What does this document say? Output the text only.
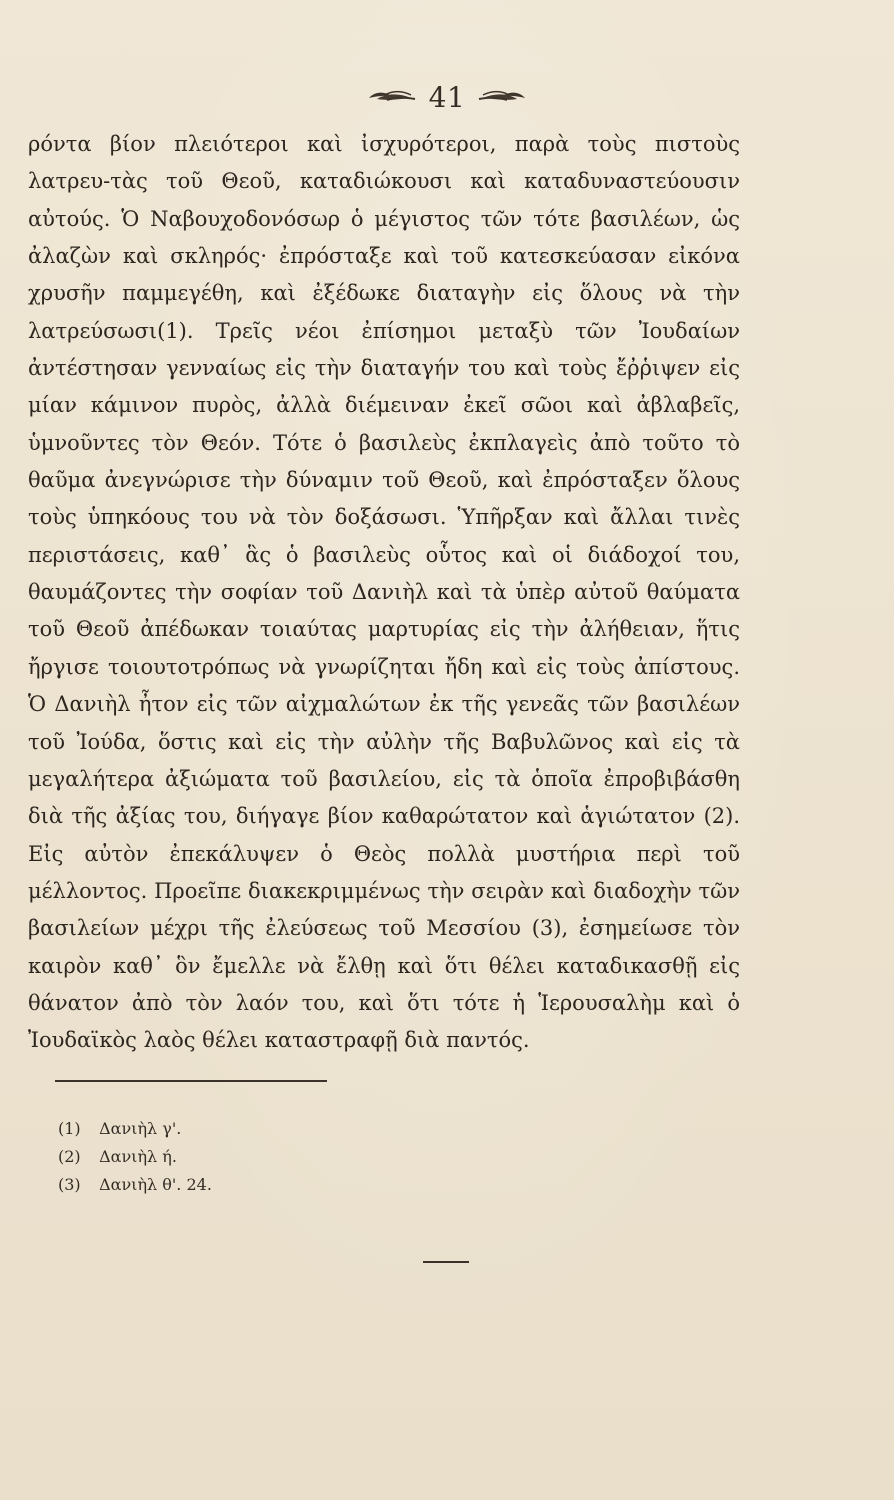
41

ρόντα βίον πλειότεροι καὶ ἰσχυρότεροι, παρὰ τοὺς πιστοὺς λατρευ-τὰς τοῦ Θεοῦ, καταδιώκουσι καὶ καταδυναστεύουσιν αὐτούς. Ὁ Ναβουχοδονόσωρ ὁ μέγιστος τῶν τότε βασιλέων, ὡς ἀλαζὼν καὶ σκληρός· ἐπρόσταξε καὶ τοῦ κατεσκεύασαν εἰκόνα χρυσῆν παμμεγέθη, καὶ ἐξέδωκε διαταγὴν εἰς ὅλους νὰ τὴν λατρεύσωσι(1). Τρεῖς νέοι ἐπίσημοι μεταξὺ τῶν Ἰουδαίων ἀντέστησαν γενναίως εἰς τὴν διαταγήν του καὶ τοὺς ἔῤῥιψεν εἰς μίαν κάμινον πυρὸς, ἀλλὰ διέμειναν ἐκεῖ σῶοι καὶ ἀβλαβεῖς, ὑμνοῦντες τὸν Θεόν. Τότε ὁ βασιλεὺς ἐκπλαγεὶς ἀπὸ τοῦτο τὸ θαῦμα ἀνεγνώρισε τὴν δύναμιν τοῦ Θεοῦ, καὶ ἐπρόσταξεν ὅλους τοὺς ὑπηκόους του νὰ τὸν δοξάσωσι. Ὑπῆρξαν καὶ ἄλλαι τινὲς περιστάσεις, καθ᾽ ἃς ὁ βασιλεὺς οὗτος καὶ οἱ διάδοχοί του, θαυμάζοντες τὴν σοφίαν τοῦ Δανιὴλ καὶ τὰ ὑπὲρ αὐτοῦ θαύματα τοῦ Θεοῦ ἀπέδωκαν τοιαύτας μαρτυρίας εἰς τὴν ἀλήθειαν, ἥτις ἤργισε τοιουτοτρόπως νὰ γνωρίζηται ἤδη καὶ εἰς τοὺς ἀπίστους. Ὁ Δανιὴλ ἦτον εἰς τῶν αἰχμαλώτων ἐκ τῆς γενεᾶς τῶν βασιλέων τοῦ Ἰούδα, ὅστις καὶ εἰς τὴν αὐλὴν τῆς Βαβυλῶνος καὶ εἰς τὰ μεγαλήτερα ἀξιώματα τοῦ βασιλείου, εἰς τὰ ὁποῖα ἐπροβιβάσθη διὰ τῆς ἀξίας του, διήγαγε βίον καθαρώτατον καὶ ἁγιώτατον (2). Εἰς αὐτὸν ἐπεκάλυψεν ὁ Θεὸς πολλὰ μυστήρια περὶ τοῦ μέλλοντος. Προεῖπε διακεκριμμένως τὴν σειρὰν καὶ διαδοχὴν τῶν βασιλείων μέχρι τῆς ἐλεύσεως τοῦ Μεσσίου (3), ἐσημείωσε τὸν καιρὸν καθ᾽ ὃν ἔμελλε νὰ ἔλθῃ καὶ ὅτι θέλει καταδικασθῇ εἰς θάνατον ἀπὸ τὸν λαόν του, καὶ ὅτι τότε ἡ Ἱερουσαλὴμ καὶ ὁ Ἰουδαϊκὸς λαὸς θέλει καταστραφῇ διὰ παντός.

(1) Δανιὴλ γ'.
(2) Δανιὴλ ή.
(3) Δανιὴλ θ'. 24.
